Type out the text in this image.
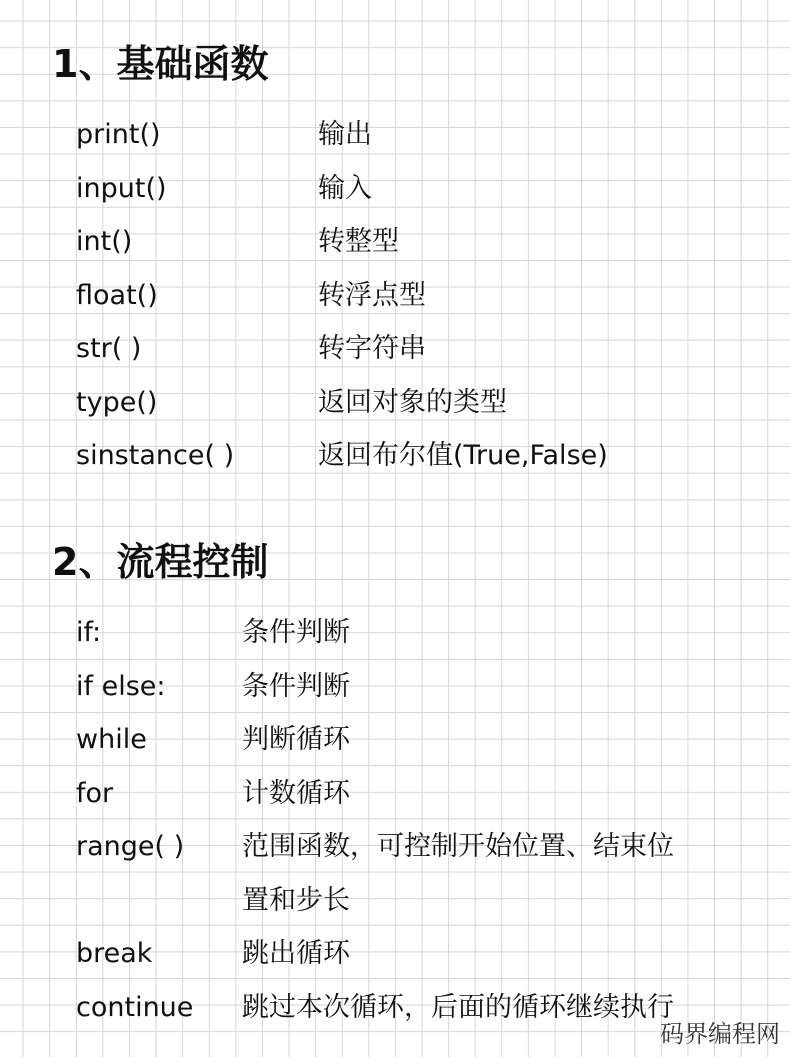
1、基础函数
print()	输出
input()	输入
int()	转整型
float()	转浮点型
str( )	转字符串
type()	返回对象的类型
sinstance( )	返回布尔值(True,False)
2、流程控制
if:	条件判断
if else:	条件判断
while	判断循环
for	计数循环
range( )	范围函数，可控制开始位置、结束位
置和步长
break	跳出循环
continue	跳过本次循环，后面的循环继续执行
码界编程网
